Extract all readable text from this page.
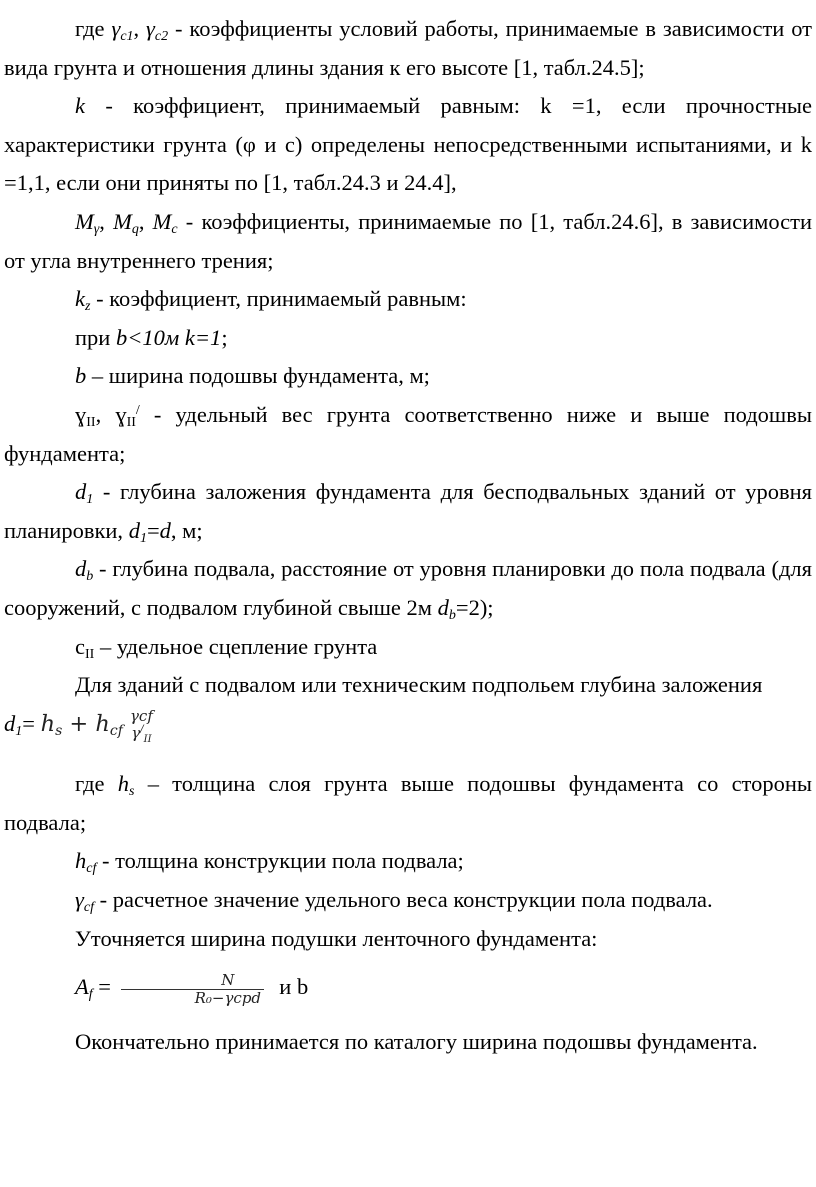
где $\gamma_{c1}$, $\gamma_{c2}$ - коэффициенты условий работы, принимаемые в зависимости от вида грунта и отношения длины здания к его высоте [1, табл.24.5];

k - коэффициент, принимаемый равным: k =1, если прочностные характеристики грунта (φ и с) определены непосредственными испытаниями, и k =1,1, если они приняты по [1, табл.24.3 и 24.4],

$M_\gamma$, $M_q$, $M_c$ - коэффициенты, принимаемые по [1, табл.24.6], в зависимости от угла внутреннего трения;

$k_z$ - коэффициент, принимаемый равным:

при b<10м k=1;

b – ширина подошвы фундамента, м;

ɣ$_{II}$, ɣ$_{II}$/ - удельный вес грунта соответственно ниже и выше подошвы фундамента;

$d_1$ - глубина заложения фундамента для бесподвальных зданий от уровня планировки, $d_1=d$, м;

$d_b$ - глубина подвала, расстояние от уровня планировки до пола подвала (для сооружений, с подвалом глубиной свыше 2м $d_b=2$);

$с_{II}$ – удельное сцепление грунта

Для зданий с подвалом или техническим подпольем глубина заложения

$d_1= h_s + h_{cf}$
γcf
$\gamma^/_{II}$

где $h_s$ – толщина слоя грунта выше подошвы фундамента со стороны подвала;

$h_{cf}$ - толщина конструкции пола подвала;

$\gamma_{cf}$ - расчетное значение удельного веса конструкции пола подвала.

Уточняется ширина подушки ленточного фундамента:

$A_f = \frac{N}{\text{R₀−γcpd}}$ и b

Окончательно принимается по каталогу ширина подошвы фундамента.
